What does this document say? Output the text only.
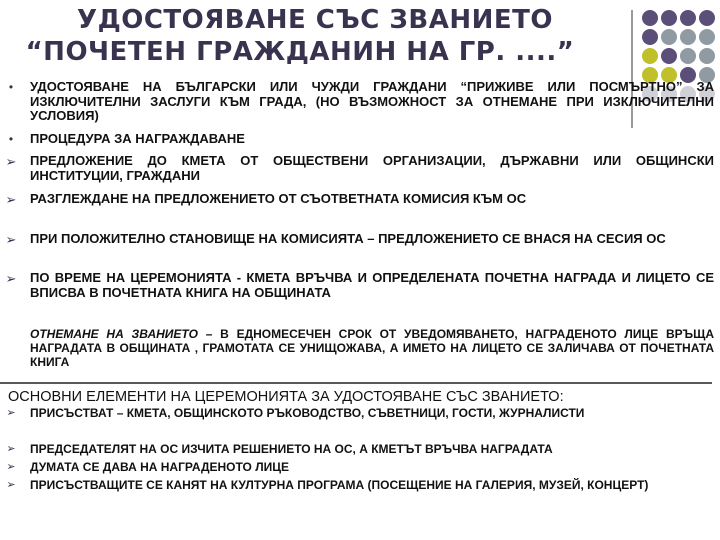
УДОСТОЯВАНЕ СЪС ЗВАНИЕТО
“ПОЧЕТЕН ГРАЖДАНИН НА ГР. ....”
•	УДОСТОЯВАНЕ НА БЪЛГАРСКИ ИЛИ ЧУЖДИ ГРАЖДАНИ “ПРИЖИВЕ ИЛИ ПОСМЪРТНО” ЗА ИЗКЛЮЧИТЕЛНИ ЗАСЛУГИ КЪМ ГРАДА, (НО ВЪЗМОЖНОСТ ЗА ОТНЕМАНЕ ПРИ ИЗКЛЮЧИТЕЛНИ УСЛОВИЯ)
•	ПРОЦЕДУРА ЗА НАГРАЖДАВАНЕ
➢	ПРЕДЛОЖЕНИЕ ДО КМЕТА ОТ ОБЩЕСТВЕНИ ОРГАНИЗАЦИИ, ДЪРЖАВНИ ИЛИ ОБЩИНСКИ ИНСТИТУЦИИ, ГРАЖДАНИ
➢	РАЗГЛЕЖДАНЕ НА ПРЕДЛОЖЕНИЕТО ОТ СЪОТВЕТНАТА КОМИСИЯ КЪМ ОС
➢	ПРИ ПОЛОЖИТЕЛНО СТАНОВИЩЕ НА КОМИСИЯТА – ПРЕДЛОЖЕНИЕТО СЕ ВНАСЯ НА СЕСИЯ ОС
➢	ПО ВРЕМЕ НА ЦЕРЕМОНИЯТА - КМЕТА ВРЪЧВА И ОПРЕДЕЛЕНАТА ПОЧЕТНА НАГРАДА И ЛИЦЕТО СЕ ВПИСВА В ПОЧЕТНАТА КНИГА НА ОБЩИНАТА
ОТНЕМАНЕ НА ЗВАНИЕТО – В ЕДНОМЕСЕЧЕН СРОК ОТ УВЕДОМЯВАНЕТО, НАГРАДЕНОТО ЛИЦЕ ВРЪЩА НАГРАДАТА В ОБЩИНАТА , ГРАМОТАТА СЕ УНИЩОЖАВА, А ИМЕТО НА ЛИЦЕТО СЕ ЗАЛИЧАВА ОТ ПОЧЕТНАТА КНИГА
ОСНОВНИ ЕЛЕМЕНТИ НА ЦЕРЕМОНИЯТА ЗА УДОСТОЯВАНЕ СЪС ЗВАНИЕТО:
➢	ПРИСЪСТВАТ – КМЕТА, ОБЩИНСКОТО РЪКОВОДСТВО, СЪВЕТНИЦИ, ГОСТИ, ЖУРНАЛИСТИ
➢	ПРЕДСЕДАТЕЛЯТ НА ОС ИЗЧИТА РЕШЕНИЕТО НА ОС, А КМЕТЪТ ВРЪЧВА НАГРАДАТА
➢	ДУМАТА СЕ ДАВА НА НАГРАДЕНОТО ЛИЦЕ
➢	ПРИСЪСТВАЩИТЕ СЕ КАНЯТ НА КУЛТУРНА ПРОГРАМА (ПОСЕЩЕНИЕ НА ГАЛЕРИЯ, МУЗЕЙ, КОНЦЕРТ)
